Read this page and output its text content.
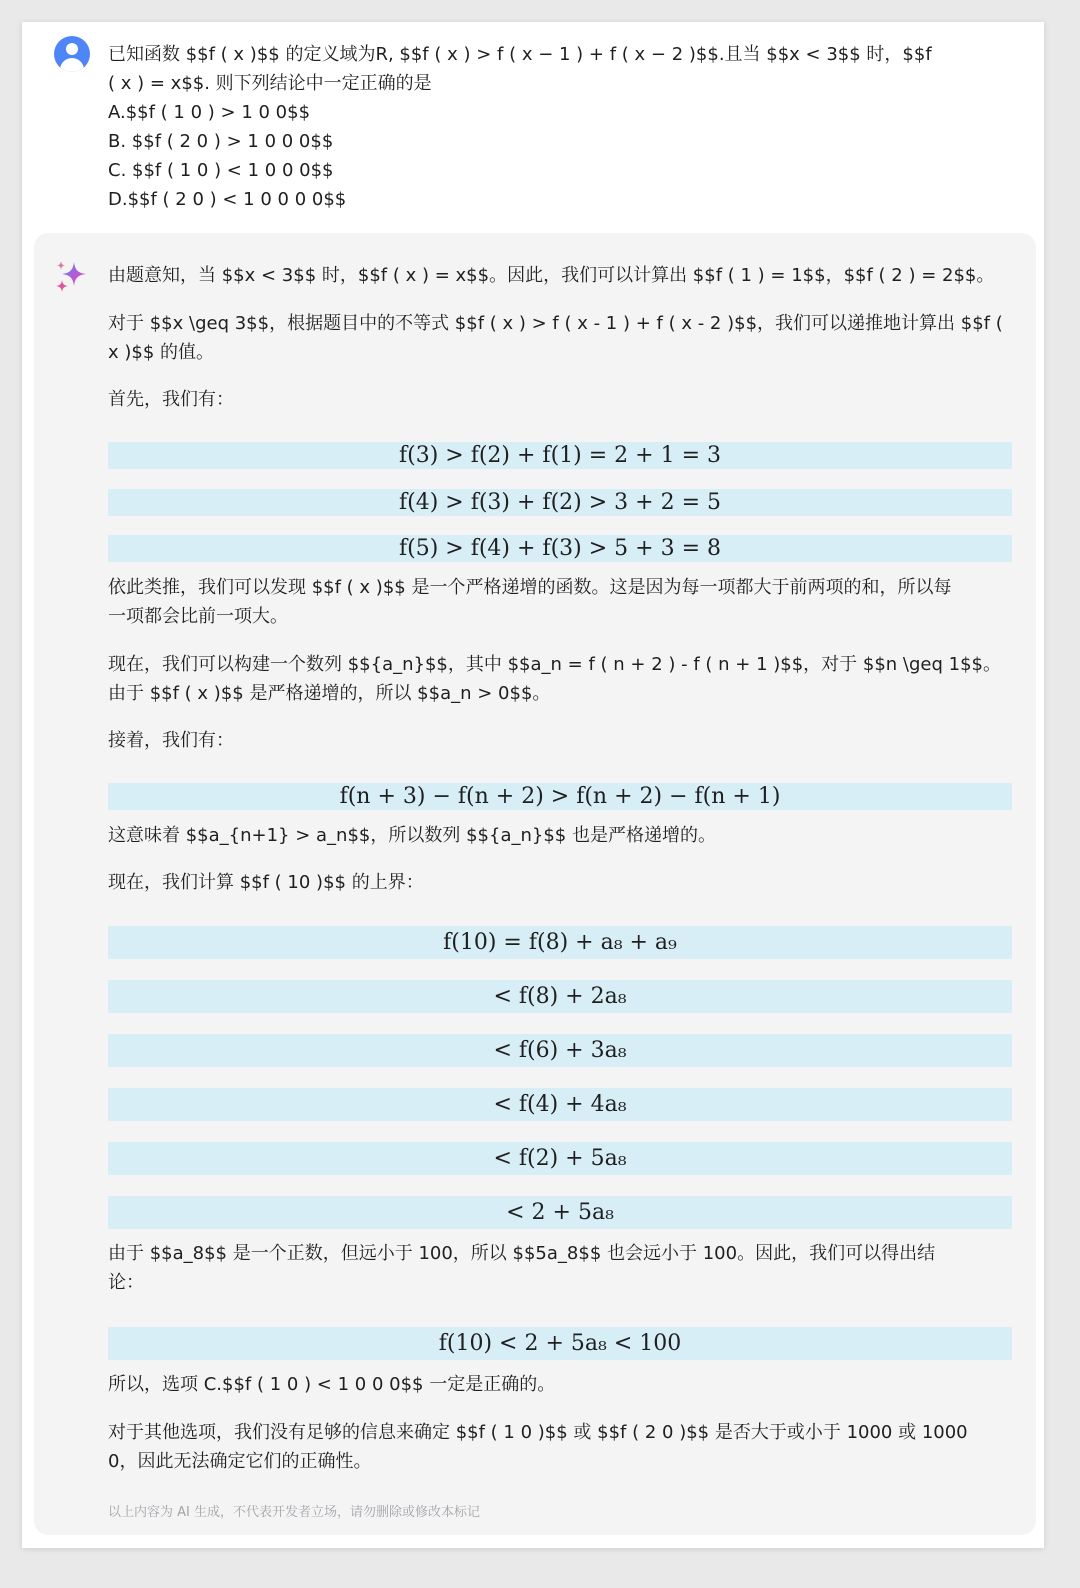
已知函数 $$f ( x )$$ 的定义域为R, $$f ( x ) > f ( x − 1 ) + f ( x − 2 )$$.且当 $$x < 3$$ 时，$$f
( x ) = x$$. 则下列结论中一定正确的是
A.$$f ( 1 0 ) > 1 0 0$$
B. $$f ( 2 0 ) > 1 0 0 0$$
C. $$f ( 1 0 ) < 1 0 0 0$$
D.$$f ( 2 0 ) < 1 0 0 0 0$$
由题意知，当 $$x < 3$$ 时，$$f ( x ) = x$$。因此，我们可以计算出 $$f ( 1 ) = 1$$，$$f ( 2 ) = 2$$。
对于 $$x \geq 3$$，根据题目中的不等式 $$f ( x ) > f ( x - 1 ) + f ( x - 2 )$$，我们可以递推地计算出 $$f (
x )$$ 的值。
首先，我们有：
f(3) > f(2) + f(1) = 2 + 1 = 3
f(4) > f(3) + f(2) > 3 + 2 = 5
f(5) > f(4) + f(3) > 5 + 3 = 8
依此类推，我们可以发现 $$f ( x )$$ 是一个严格递增的函数。这是因为每一项都大于前两项的和，所以每
一项都会比前一项大。
现在，我们可以构建一个数列 $${a_n}$$，其中 $$a_n = f ( n + 2 ) - f ( n + 1 )$$，对于 $$n \geq 1$$。
由于 $$f ( x )$$ 是严格递增的，所以 $$a_n > 0$$。
接着，我们有：
f(n + 3) − f(n + 2) > f(n + 2) − f(n + 1)
这意味着 $$a_{n+1} > a_n$$，所以数列 $${a_n}$$ 也是严格递增的。
现在，我们计算 $$f ( 10 )$$ 的上界：
f(10) = f(8) + a₈ + a₉
< f(8) + 2a₈
< f(6) + 3a₈
< f(4) + 4a₈
< f(2) + 5a₈
< 2 + 5a₈
由于 $$a_8$$ 是一个正数，但远小于 100，所以 $$5a_8$$ 也会远小于 100。因此，我们可以得出结
论：
f(10) < 2 + 5a₈ < 100
所以，选项 C.$$f ( 1 0 ) < 1 0 0 0$$ 一定是正确的。
对于其他选项，我们没有足够的信息来确定 $$f ( 1 0 )$$ 或 $$f ( 2 0 )$$ 是否大于或小于 1000 或 1000
0，因此无法确定它们的正确性。
以上内容为 AI 生成，不代表开发者立场，请勿删除或修改本标记
